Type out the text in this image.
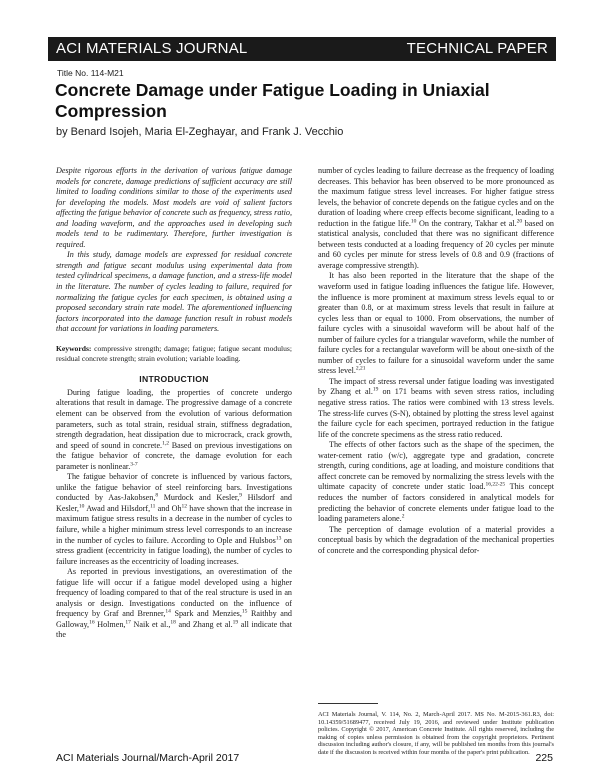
ACI MATERIALS JOURNAL	TECHNICAL PAPER
Title No. 114-M21
Concrete Damage under Fatigue Loading in Uniaxial Compression
by Benard Isojeh, Maria El-Zeghayar, and Frank J. Vecchio

Despite rigorous efforts in the derivation of various fatigue damage models for concrete, damage predictions of sufficient accuracy are still limited to loading conditions similar to those of the experiments used for developing the models. Most models are void of salient factors affecting the fatigue behavior of concrete such as frequency, stress ratio, and loading waveform, and the approaches used in developing such models tend to be rudimentary. Therefore, further investigation is required.

In this study, damage models are expressed for residual concrete strength and fatigue secant modulus using experimental data from tested cylindrical specimens, a damage function, and a stress-life model in the literature. The number of cycles leading to failure, required for normalizing the fatigue cycles for each specimen, is obtained using a proposed secondary strain rate model. The aforementioned influencing factors incorporated into the damage function result in robust models that account for variations in loading parameters.

Keywords: compressive strength; damage; fatigue; fatigue secant modulus; residual concrete strength; strain evolution; variable loading.

INTRODUCTION

During fatigue loading, the properties of concrete undergo alterations that result in damage. The progressive damage of a concrete element can be observed from the evolution of various deformation parameters, such as total strain, residual strain, stiffness degradation, strength degradation, heat dissipation due to microcrack, crack growth, and speed of sound in concrete.$^{1,2}$ Based on previous investigations on the fatigue behavior of concrete, the damage evolution for each parameter is nonlinear.$^{3-7}$

The fatigue behavior of concrete is influenced by various factors, unlike the fatigue behavior of steel reinforcing bars. Investigations conducted by Aas-Jakobsen,$^8$ Murdock and Kesler,$^9$ Hilsdorf and Kesler,$^{10}$ Awad and Hilsdorf,$^{11}$ and Oh$^{12}$ have shown that the increase in maximum fatigue stress results in a decrease in the number of cycles to failure, while a higher minimum stress level corresponds to an increase in the number of cycles to failure. According to Ople and Hulsbos$^{13}$ on stress gradient (eccentricity in fatigue loading), the number of cycles to failure increases as the eccentricity of loading increases.

As reported in previous investigations, an overestimation of the fatigue life will occur if a fatigue model developed using a higher frequency of loading compared to that of the real structure is used in an analysis or design. Investigations conducted on the influence of frequency by Graf and Brenner,$^{14}$ Spark and Menzies,$^{15}$ Raithby and Galloway,$^{16}$ Holmen,$^{17}$ Naik et al.,$^{18}$ and Zhang et al.$^{19}$ all indicate that the

number of cycles leading to failure decrease as the frequency of loading decreases. This behavior has been observed to be more pronounced as the maximum fatigue stress level increases. For higher fatigue stress levels, the behavior of concrete depends on the fatigue cycles and on the duration of loading where creep effects become significant, leading to a reduction in the fatigue life.$^{10}$ On the contrary, Takhar et al.$^{20}$ based on statistical analysis, concluded that there was no significant difference between tests conducted at a loading frequency of 20 cycles per minute and 60 cycles per minute for stress levels of 0.8 and 0.9 (fractions of average compressive strength).

It has also been reported in the literature that the shape of the waveform used in fatigue loading influences the fatigue life. However, the influence is more prominent at maximum stress levels equal to or greater than 0.8, or at maximum stress levels that result in failure at cycles less than or equal to 1000. From observations, the number of failure cycles with a sinusoidal waveform will be about half of the number of failure cycles for a triangular waveform, while the number of failure cycles for a rectangular waveform will be about one-sixth of the number of cycles to failure for a sinusoidal waveform under the same stress level.$^{2,21}$

The impact of stress reversal under fatigue loading was investigated by Zhang et al.$^{19}$ on 171 beams with seven stress ratios, including negative stress ratios. The ratios were combined with 13 stress levels. The stress-life curves (S-N), obtained by plotting the stress level against the failure cycle for each specimen, portrayed reduction in the fatigue life of the concrete specimens as the stress ratio reduced.

The effects of other factors such as the shape of the specimen, the water-cement ratio (w/c), aggregate type and gradation, concrete strength, curing conditions, age at loading, and moisture conditions that affect concrete can be removed by normalizing the stress levels with the ultimate capacity of concrete under static load.$^{16,22-25}$ This concept reduces the number of factors considered in analytical models for predicting the behavior of concrete elements under fatigue load to the loading parameters alone.$^2$

The perception of damage evolution of a material provides a conceptual basis by which the degradation of the mechanical properties of concrete and the corresponding physical defor-

ACI Materials Journal, V. 114, No. 2, March-April 2017. MS No. M-2015-361.R3, doi: 10.14359/51689477, received July 19, 2016, and reviewed under Institute publication policies. Copyright © 2017, American Concrete Institute. All rights reserved, including the making of copies unless permission is obtained from the copyright proprietors. Pertinent discussion including author's closure, if any, will be published ten months from this journal's date if the discussion is received within four months of the paper's print publication.
ACI Materials Journal/March-April 2017	225
